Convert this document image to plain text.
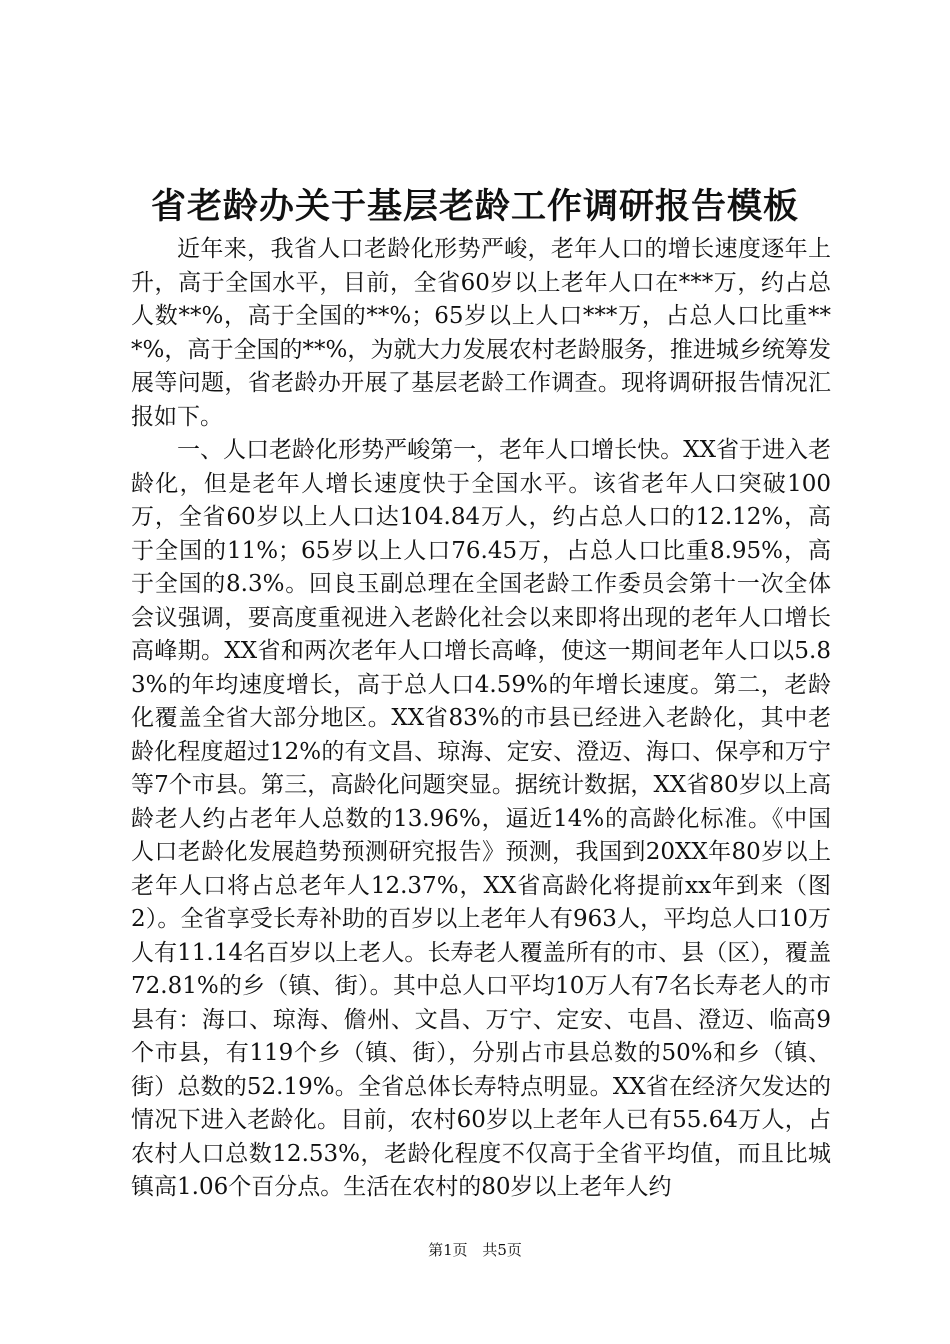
省老龄办关于基层老龄工作调研报告模板

近年来，我省人口老龄化形势严峻，老年人口的增长速度逐年上升，高于全国水平，目前，全省60岁以上老年人口在***万，约占总人数**%，高于全国的**%；65岁以上人口***万，占总人口比重***%，高于全国的**%，为就大力发展农村老龄服务，推进城乡统筹发展等问题，省老龄办开展了基层老龄工作调查。现将调研报告情况汇报如下。

一、人口老龄化形势严峻第一，老年人口增长快。XX省于进入老龄化，但是老年人增长速度快于全国水平。该省老年人口突破100万，全省60岁以上人口达104.84万人，约占总人口的12.12%，高于全国的11%；65岁以上人口76.45万，占总人口比重8.95%，高于全国的8.3%。回良玉副总理在全国老龄工作委员会第十一次全体会议强调，要高度重视进入老龄化社会以来即将出现的老年人口增长高峰期。XX省和两次老年人口增长高峰，使这一期间老年人口以5.83%的年均速度增长，高于总人口4.59%的年增长速度。第二，老龄化覆盖全省大部分地区。XX省83%的市县已经进入老龄化，其中老龄化程度超过12%的有文昌、琼海、定安、澄迈、海口、保亭和万宁等7个市县。第三，高龄化问题突显。据统计数据，XX省80岁以上高龄老人约占老年人总数的13.96%，逼近14%的高龄化标准。《中国人口老龄化发展趋势预测研究报告》预测，我国到20XX年80岁以上老年人口将占总老年人12.37%，XX省高龄化将提前xx年到来（图2）。全省享受长寿补助的百岁以上老年人有963人，平均总人口10万人有11.14名百岁以上老人。长寿老人覆盖所有的市、县（区），覆盖72.81%的乡（镇、街）。其中总人口平均10万人有7名长寿老人的市县有：海口、琼海、儋州、文昌、万宁、定安、屯昌、澄迈、临高9个市县，有119个乡（镇、街），分别占市县总数的50%和乡（镇、街）总数的52.19%。全省总体长寿特点明显。XX省在经济欠发达的情况下进入老龄化。目前，农村60岁以上老年人已有55.64万人，占农村人口总数12.53%，老龄化程度不仅高于全省平均值，而且比城镇高1.06个百分点。生活在农村的80岁以上老年人约

第1页 共5页
